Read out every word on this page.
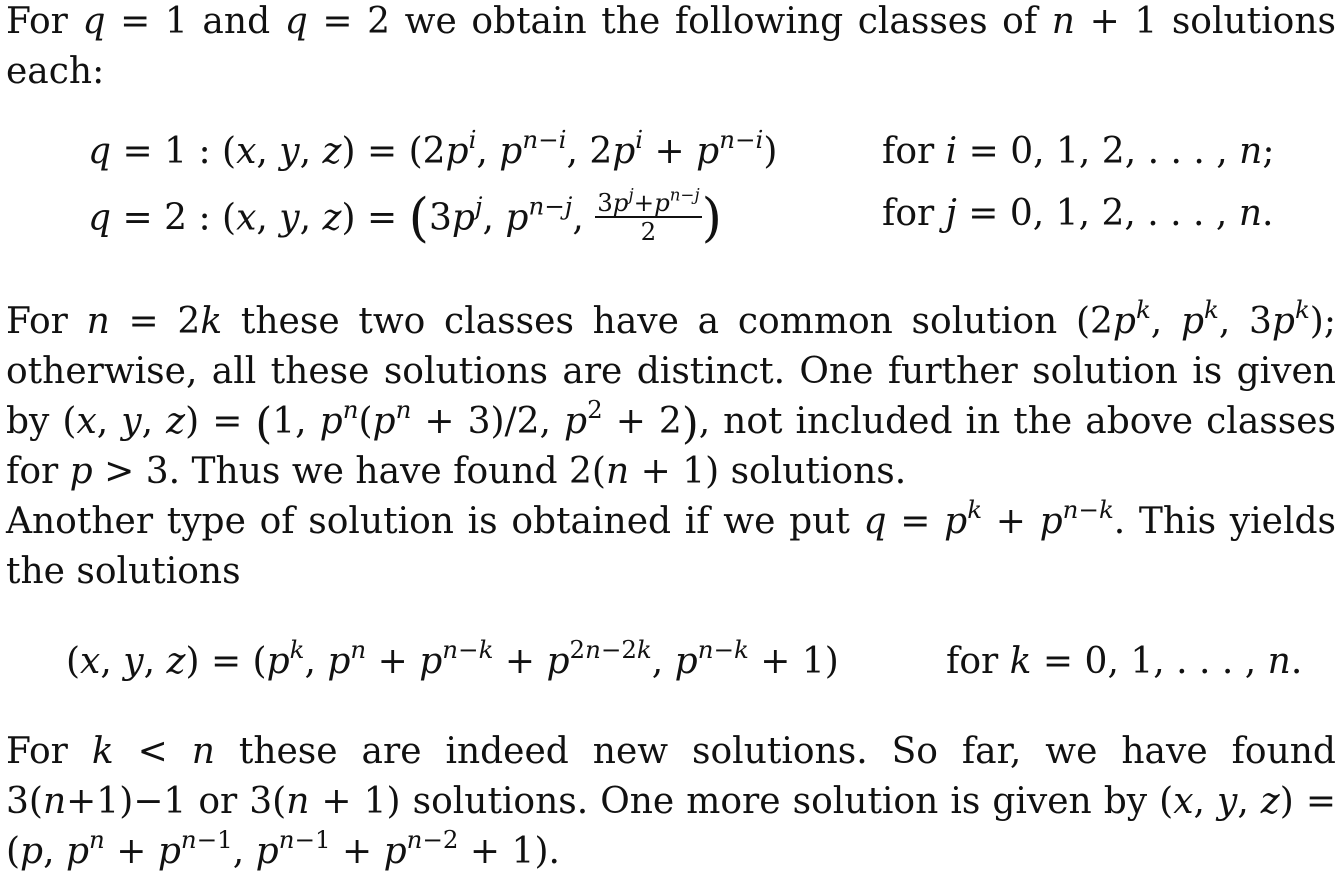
For q = 1 and q = 2 we obtain the following classes of n + 1 solutions each:
q = 1 : (x, y, $z) = (2p^i$, $p^{n-i}$, $2p^i + p^{n-i}$)	for i = 0, 1, 2, . . . , n;
q = 2 : (x, y, $z) = (3p^j$, $p^{n-j}$, $\frac{3p^j+p^{n-j}}{2}$ )	for j = 0, 1, 2, . . . , n.
For n = 2k these two classes have a common solution ($2p^k$, $p^k$, $3p^k$); otherwise, all these solutions are distinct. One further solution is given by (x, y, z) = (1, $p^n(p^n + 3)/2$, $p^2 + 2$), not included in the above classes for p > 3. Thus we have found 2(n + 1) solutions.
Another type of solution is obtained if we put $q = p^k + p^{n-k}$. This yields the solutions
(x, y, $z) = (p^k$, $p^n + p^{n-k} + p^{2n-2k}$, $p^{n-k} + 1$)	for k = 0, 1, . . . , n.
For k < n these are indeed new solutions. So far, we have found 3(n+1)−1 or 3(n + 1) solutions. One more solution is given by (x, y, z) = (p, $p^n + p^{n-1}$, $p^{n-1} + p^{n-2} + 1$).
